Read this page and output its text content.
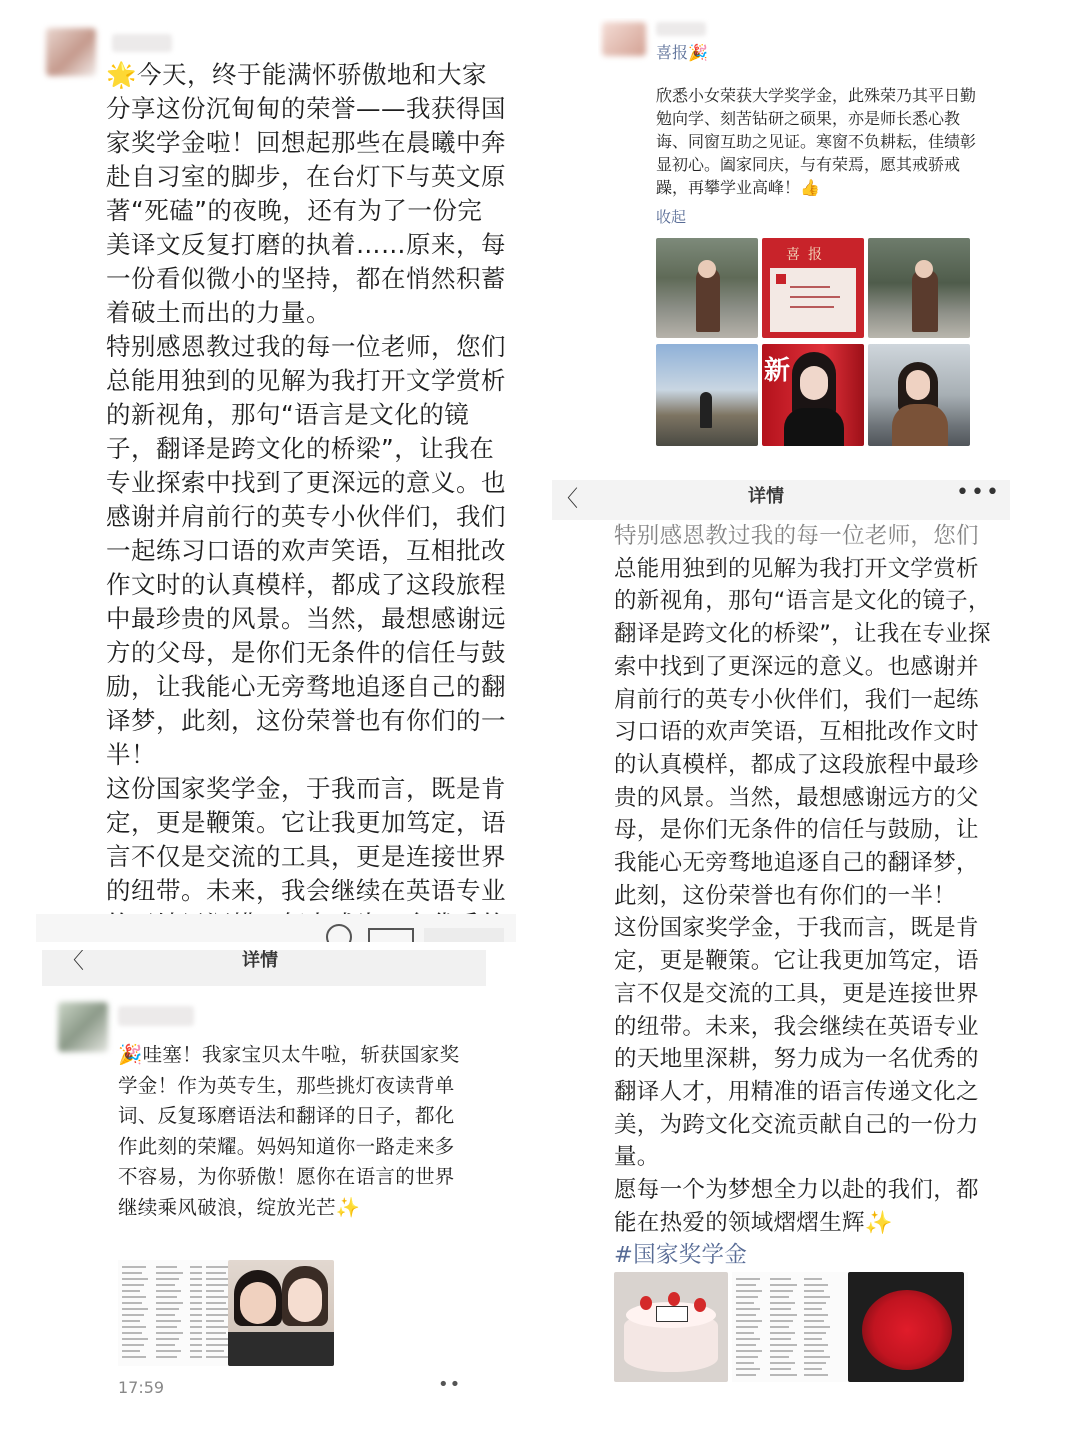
🌟今天，终于能满怀骄傲地和大家分享这份沉甸甸的荣誉——我获得国家奖学金啦！回想起那些在晨曦中奔赴自习室的脚步，在台灯下与英文原著“死磕”的夜晚，还有为了一份完美译文反复打磨的执着……原来，每一份看似微小的坚持，都在悄然积蓄着破土而出的力量。

特别感恩教过我的每一位老师，您们总能用独到的见解为我打开文学赏析的新视角，那句“语言是文化的镜子，翻译是跨文化的桥梁”，让我在专业探索中找到了更深远的意义。也感谢并肩前行的英专小伙伴们，我们一起练习口语的欢声笑语，互相批改作文时的认真模样，都成了这段旅程中最珍贵的风景。当然，最想感谢远方的父母，是你们无条件的信任与鼓励，让我能心无旁骛地追逐自己的翻译梦，此刻，这份荣誉也有你们的一半！

这份国家奖学金，于我而言，既是肯定，更是鞭策。它让我更加笃定，语言不仅是交流的工具，更是连接世界的纽带。未来，我会继续在英语专业

喜报🎉
欣悉小女荣获大学奖学金，此殊荣乃其平日勤勉向学、刻苦钻研之硕果，亦是师长悉心教诲、同窗互助之见证。寒窗不负耕耘，佳绩彰显初心。阖家同庆，与有荣焉，愿其戒骄戒躁，再攀学业高峰！👍
收起
喜报
新
〈	详情	•••

特别感恩教过我的每一位老师，您们

总能用独到的见解为我打开文学赏析的新视角，那句“语言是文化的镜子，翻译是跨文化的桥梁”，让我在专业探索中找到了更深远的意义。也感谢并肩前行的英专小伙伴们，我们一起练习口语的欢声笑语，互相批改作文时的认真模样，都成了这段旅程中最珍贵的风景。当然，最想感谢远方的父母，是你们无条件的信任与鼓励，让我能心无旁骛地追逐自己的翻译梦，此刻，这份荣誉也有你们的一半！

这份国家奖学金，于我而言，既是肯定，更是鞭策。它让我更加笃定，语言不仅是交流的工具，更是连接世界的纽带。未来，我会继续在英语专业的天地里深耕，努力成为一名优秀的翻译人才，用精准的语言传递文化之美，为跨文化交流贡献自己的一份力量。

愿每一个为梦想全力以赴的我们，都能在热爱的领域熠熠生辉✨

#国家奖学金

〈	详情
🎉哇塞！我家宝贝太牛啦，斩获国家奖学金！作为英专生，那些挑灯夜读背单词、反复琢磨语法和翻译的日子，都化作此刻的荣耀。妈妈知道你一路走来多不容易，为你骄傲！愿你在语言的世界继续乘风破浪，绽放光芒✨
17:59	••
